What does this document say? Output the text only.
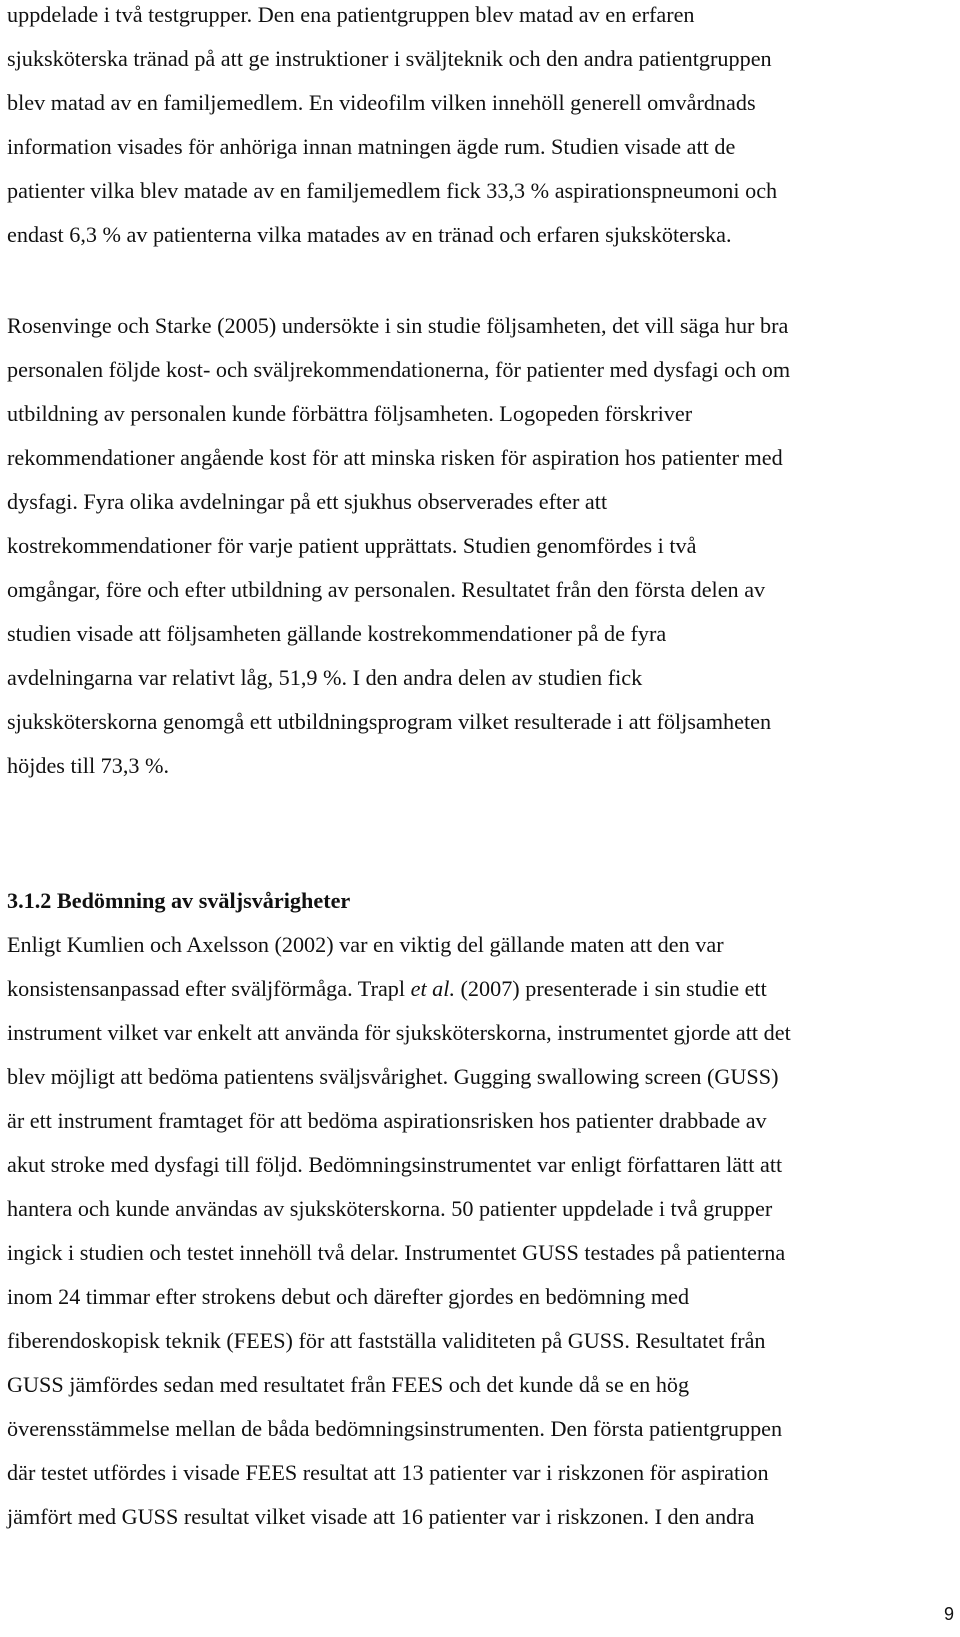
uppdelade i två testgrupper. Den ena patientgruppen blev matad av en erfaren
sjuksköterska tränad på att ge instruktioner i sväljteknik och den andra patientgruppen
blev matad av en familjemedlem. En videofilm vilken innehöll generell omvårdnads
information visades för anhöriga innan matningen ägde rum. Studien visade att de
patienter vilka blev matade av en familjemedlem fick 33,3 % aspirationspneumoni och
endast 6,3 % av patienterna vilka matades av en tränad och erfaren sjuksköterska.
Rosenvinge och Starke (2005) undersökte i sin studie följsamheten, det vill säga hur bra
personalen följde kost- och sväljrekommendationerna, för patienter med dysfagi och om
utbildning av personalen kunde förbättra följsamheten. Logopeden förskriver
rekommendationer angående kost för att minska risken för aspiration hos patienter med
dysfagi. Fyra olika avdelningar på ett sjukhus observerades efter att
kostrekommendationer för varje patient upprättats. Studien genomfördes i två
omgångar, före och efter utbildning av personalen. Resultatet från den första delen av
studien visade att följsamheten gällande kostrekommendationer på de fyra
avdelningarna var relativt låg, 51,9 %. I den andra delen av studien fick
sjuksköterskorna genomgå ett utbildningsprogram vilket resulterade i att följsamheten
höjdes till 73,3 %.
3.1.2 Bedömning av sväljsvårigheter
Enligt Kumlien och Axelsson (2002) var en viktig del gällande maten att den var
konsistensanpassad efter sväljförmåga. Trapl et al. (2007) presenterade i sin studie ett
instrument vilket var enkelt att använda för sjuksköterskorna, instrumentet gjorde att det
blev möjligt att bedöma patientens sväljsvårighet. Gugging swallowing screen (GUSS)
är ett instrument framtaget för att bedöma aspirationsrisken hos patienter drabbade av
akut stroke med dysfagi till följd. Bedömningsinstrumentet var enligt författaren lätt att
hantera och kunde användas av sjuksköterskorna. 50 patienter uppdelade i två grupper
ingick i studien och testet innehöll två delar. Instrumentet GUSS testades på patienterna
inom 24 timmar efter strokens debut och därefter gjordes en bedömning med
fiberendoskopisk teknik (FEES) för att fastställa validiteten på GUSS. Resultatet från
GUSS jämfördes sedan med resultatet från FEES och det kunde då se en hög
överensstämmelse mellan de båda bedömningsinstrumenten. Den första patientgruppen
där testet utfördes i visade FEES resultat att 13 patienter var i riskzonen för aspiration
jämfört med GUSS resultat vilket visade att 16 patienter var i riskzonen. I den andra
9
